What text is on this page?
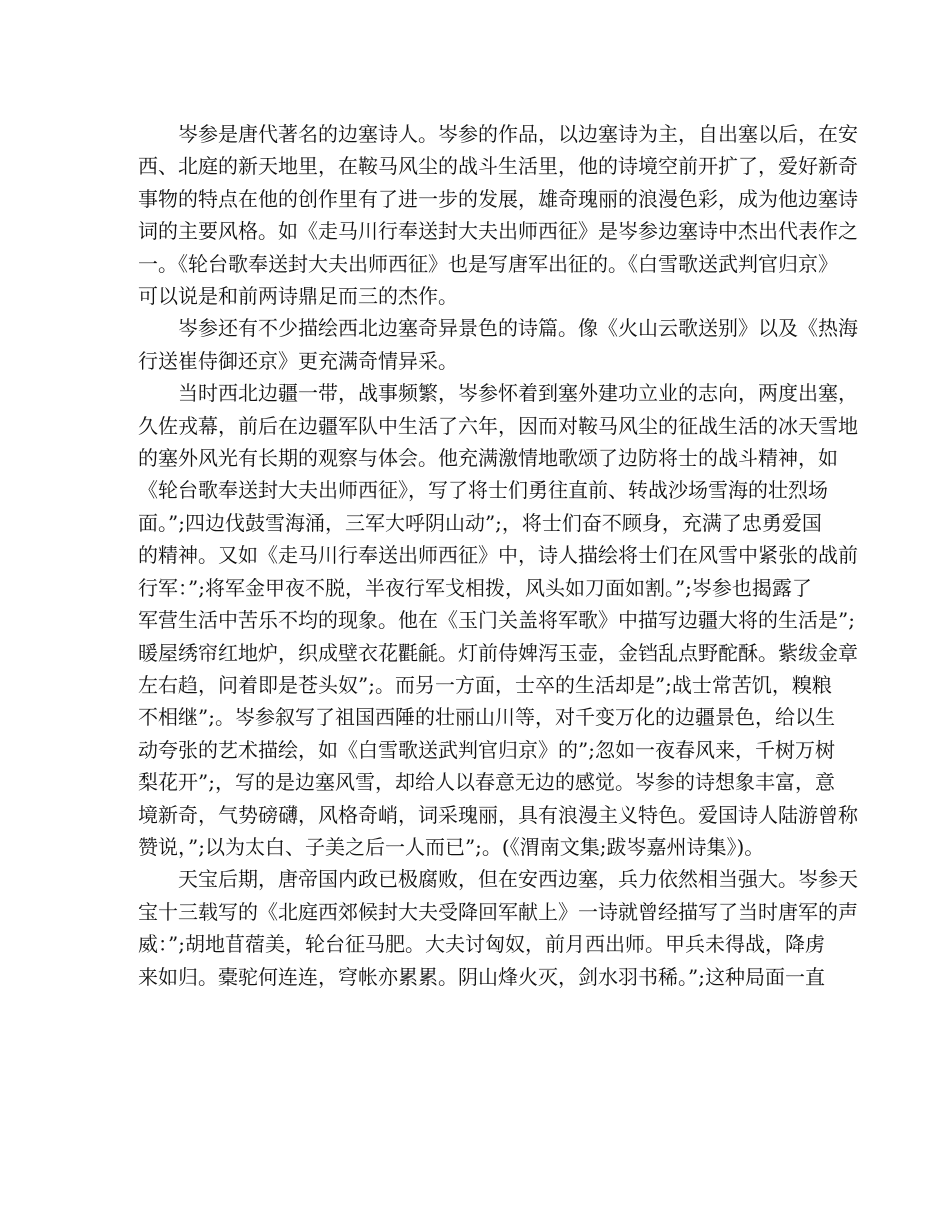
　　岑参是唐代著名的边塞诗人。岑参的作品，以边塞诗为主，自出塞以后，在安
西、北庭的新天地里，在鞍马风尘的战斗生活里，他的诗境空前开扩了，爱好新奇
事物的特点在他的创作里有了进一步的发展，雄奇瑰丽的浪漫色彩，成为他边塞诗
词的主要风格。如《走马川行奉送封大夫出师西征》是岑参边塞诗中杰出代表作之
一。《轮台歌奉送封大夫出师西征》也是写唐军出征的。《白雪歌送武判官归京》
可以说是和前两诗鼎足而三的杰作。

　　岑参还有不少描绘西北边塞奇异景色的诗篇。像《火山云歌送别》以及《热海
行送崔侍御还京》更充满奇情异采。

　　当时西北边疆一带，战事频繁，岑参怀着到塞外建功立业的志向，两度出塞，
久佐戎幕，前后在边疆军队中生活了六年，因而对鞍马风尘的征战生活的冰天雪地
的塞外风光有长期的观察与体会。他充满激情地歌颂了边防将士的战斗精神，如
《轮台歌奉送封大夫出师西征》，写了将士们勇往直前、转战沙场雪海的壮烈场
面。”;四边伐鼓雪海涌，三军大呼阴山动”;，将士们奋不顾身，充满了忠勇爱国
的精神。又如《走马川行奉送出师西征》中，诗人描绘将士们在风雪中紧张的战前
行军：”;将军金甲夜不脱，半夜行军戈相拨，风头如刀面如割。”;岑参也揭露了
军营生活中苦乐不均的现象。他在《玉门关盖将军歌》中描写边疆大将的生活是”;
暖屋绣帘红地炉，织成壁衣花氍毹。灯前侍婢泻玉壶，金铛乱点野酡酥。紫绂金章
左右趋，问着即是苍头奴”;。而另一方面，士卒的生活却是”;战士常苦饥，糗粮
不相继”;。岑参叙写了祖国西陲的壮丽山川等，对千变万化的边疆景色，给以生
动夸张的艺术描绘，如《白雪歌送武判官归京》的”;忽如一夜春风来，千树万树
梨花开”;，写的是边塞风雪，却给人以春意无边的感觉。岑参的诗想象丰富，意
境新奇，气势磅礴，风格奇峭，词采瑰丽，具有浪漫主义特色。爱国诗人陆游曾称
赞说，”;以为太白、子美之后一人而已”;。(《渭南文集;跋岑嘉州诗集》)。

　　天宝后期，唐帝国内政已极腐败，但在安西边塞，兵力依然相当强大。岑参天
宝十三载写的《北庭西郊候封大夫受降回军献上》一诗就曾经描写了当时唐军的声
威：”;胡地苜蓿美，轮台征马肥。大夫讨匈奴，前月西出师。甲兵未得战，降虏
来如归。橐驼何连连，穹帐亦累累。阴山烽火灭，剑水羽书稀。”;这种局面一直
